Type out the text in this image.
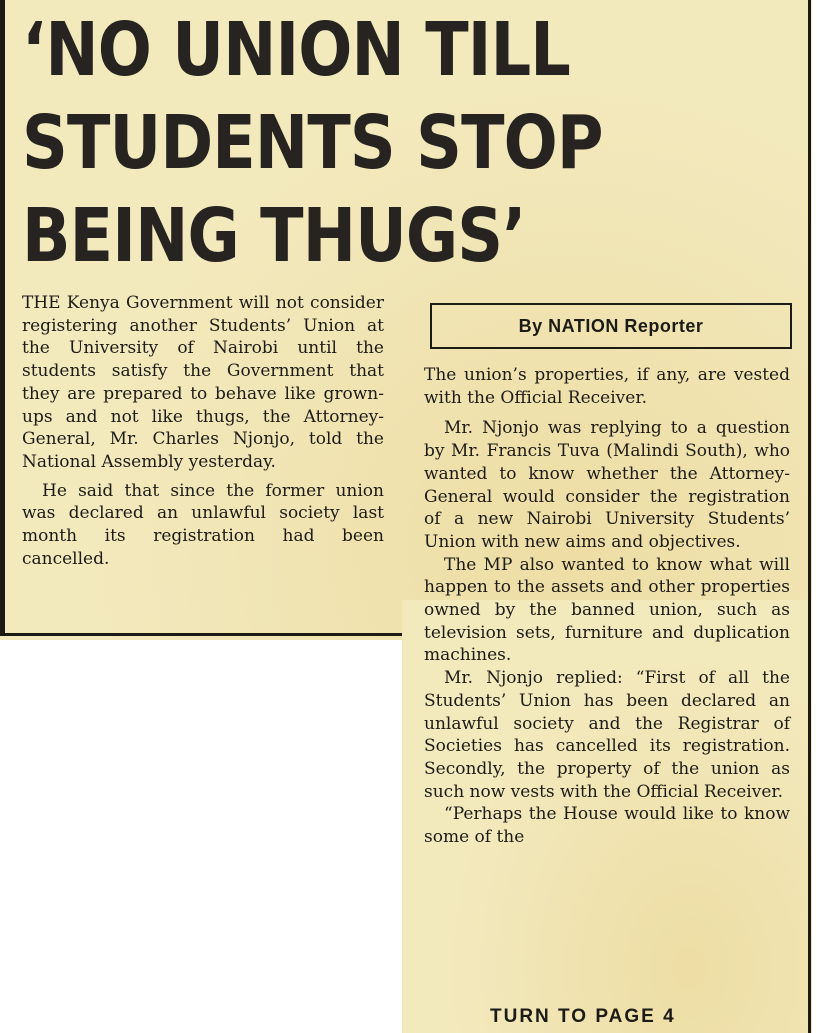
‘NO UNION TILL
STUDENTS STOP
BEING THUGS’

THE Kenya Government will not consider registering another Students’ Union at the University of Nairobi until the students satisfy the Government that they are prepared to behave like grown-ups and not like thugs, the Attorney-General, Mr. Charles Njonjo, told the National Assembly yesterday.

He said that since the former union was declared an unlawful society last month its registration had been cancelled.

By NATION Reporter

The union’s properties, if any, are vested with the Official Receiver.

Mr. Njonjo was replying to a question by Mr. Francis Tuva (Malindi South), who wanted to know whether the Attorney-General would consider the registration of a new Nairobi University Students’ Union with new aims and objectives.

The MP also wanted to know what will happen to the assets and other properties owned by the banned union, such as television sets, furniture and duplication machines.

Mr. Njonjo replied: “First of all the Students’ Union has been declared an unlawful society and the Registrar of Societies has cancelled its registration. Secondly, the property of the union as such now vests with the Official Receiver.

“Perhaps the House would like to know some of the

TURN TO PAGE 4
